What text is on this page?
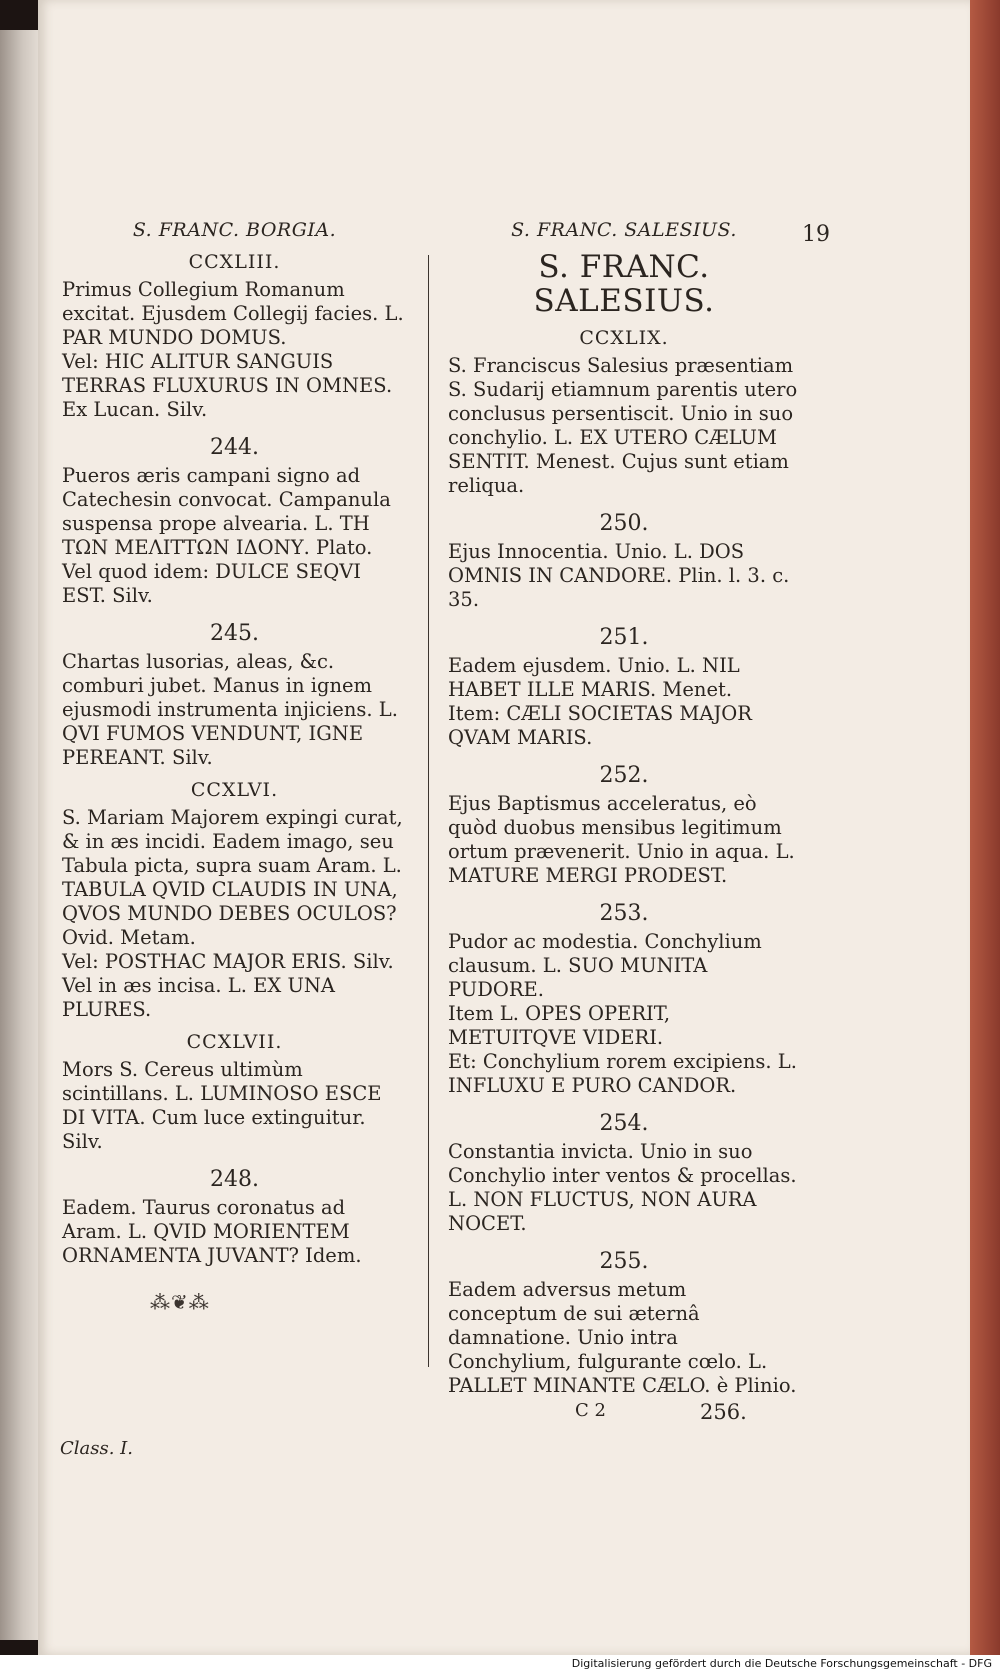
S. FRANC. BORGIA.
CCXLIII.

Primus Collegium Romanum excitat. Ejusdem Collegij facies. L. PAR MUNDO DOMUS.

Vel: HIC ALITUR SANGUIS TERRAS FLUXURUS IN OMNES. Ex Lucan. Silv.

244.

Pueros æris campani signo ad Catechesin convocat. Campanula suspensa prope alvearia. L. TH ΤΩΝ ΜΕΛΙΤΤΩΝ ΙΔΟΝΥ. Plato. Vel quod idem: DULCE SEQVI EST. Silv.

245.

Chartas lusorias, aleas, &c. comburi jubet. Manus in ignem ejusmodi instrumenta injiciens. L. QVI FUMOS VENDUNT, IGNE PEREANT. Silv.

CCXLVI.

S. Mariam Majorem expingi curat, & in æs incidi. Eadem imago, seu Tabula picta, supra suam Aram. L. TABULA QVID CLAUDIS IN UNA, QVOS MUNDO DEBES OCULOS? Ovid. Metam.

Vel: POSTHAC MAJOR ERIS. Silv.

Vel in æs incisa. L. EX UNA PLURES.

CCXLVII.

Mors S. Cereus ultimùm scintillans. L. LUMINOSO ESCE DI VITA. Cum luce extinguitur. Silv.

248.

Eadem. Taurus coronatus ad Aram. L. QVID MORIENTEM ORNAMENTA JUVANT? Idem.

S. FRANC. SALESIUS.
S. FRANC. SALESIUS.
CCXLIX.

S. Franciscus Salesius præsentiam S. Sudarij etiamnum parentis utero conclusus persentiscit. Unio in suo conchylio. L. EX UTERO CÆLUM SENTIT. Menest. Cujus sunt etiam reliqua.

250.

Ejus Innocentia. Unio. L. DOS OMNIS IN CANDORE. Plin. l. 3. c. 35.

251.

Eadem ejusdem. Unio. L. NIL HABET ILLE MARIS. Menet.

Item: CÆLI SOCIETAS MAJOR QVAM MARIS.

252.

Ejus Baptismus acceleratus, eò quòd duobus mensibus legitimum ortum prævenerit. Unio in aqua. L. MATURE MERGI PRODEST.

253.

Pudor ac modestia. Conchylium clausum. L. SUO MUNITA PUDORE.

Item L. OPES OPERIT, METUITQVE VIDERI.

Et: Conchylium rorem excipiens. L. INFLUXU E PURO CANDOR.

254.

Constantia invicta. Unio in suo Conchylio inter ventos & procellas. L. NON FLUCTUS, NON AURA NOCET.

255.

Eadem adversus metum conceptum de sui æternâ damnatione. Unio intra Conchylium, fulgurante cœlo. L. PALLET MINANTE CÆLO. è Plinio.

19
⁂❦⁂
Class. I.
C 2	256.
Digitalisierung gefördert durch die Deutsche Forschungsgemeinschaft - DFG
